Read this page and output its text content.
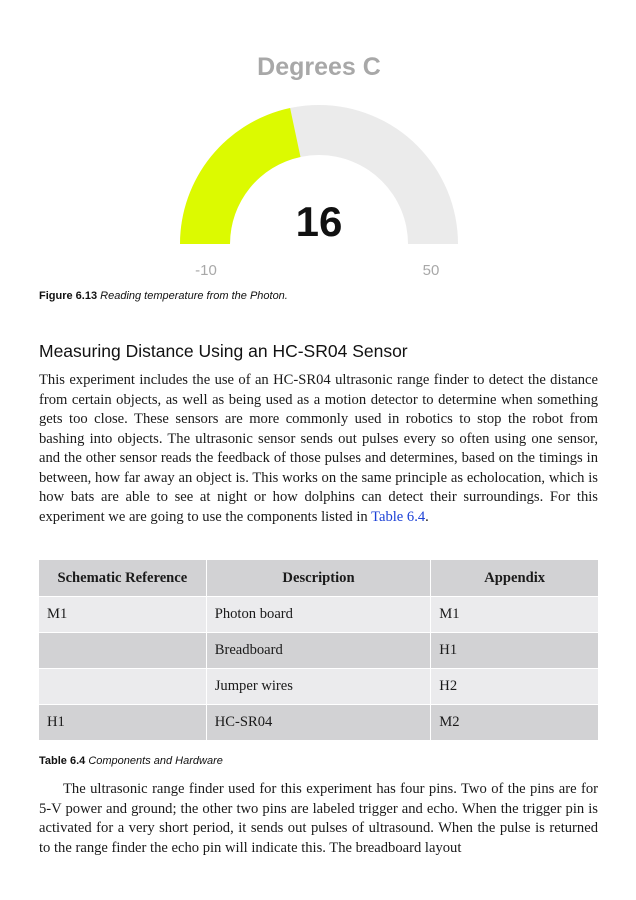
Degrees C
16
-10	50
Figure 6.13 Reading temperature from the Photon.
Measuring Distance Using an HC-SR04 Sensor

This experiment includes the use of an HC-SR04 ultrasonic range finder to detect the distance from certain objects, as well as being used as a motion detector to determine when something gets too close. These sensors are more commonly used in robotics to stop the robot from bashing into objects. The ultrasonic sensor sends out pulses every so often using one sensor, and the other sensor reads the feedback of those pulses and determines, based on the timings in between, how far away an object is. This works on the same principle as echolocation, which is how bats are able to see at night or how dolphins can detect their surroundings. For this experiment we are going to use the components listed in Table 6.4.

Schematic Reference	Description	Appendix
M1	Photon board	M1
	Breadboard	H1
	Jumper wires	H2
H1	HC-SR04	M2
Table 6.4 Components and Hardware

The ultrasonic range finder used for this experiment has four pins. Two of the pins are for 5-V power and ground; the other two pins are labeled trigger and echo. When the trigger pin is activated for a very short period, it sends out pulses of ultrasound. When the pulse is returned to the range finder the echo pin will indicate this. The breadboard layout
